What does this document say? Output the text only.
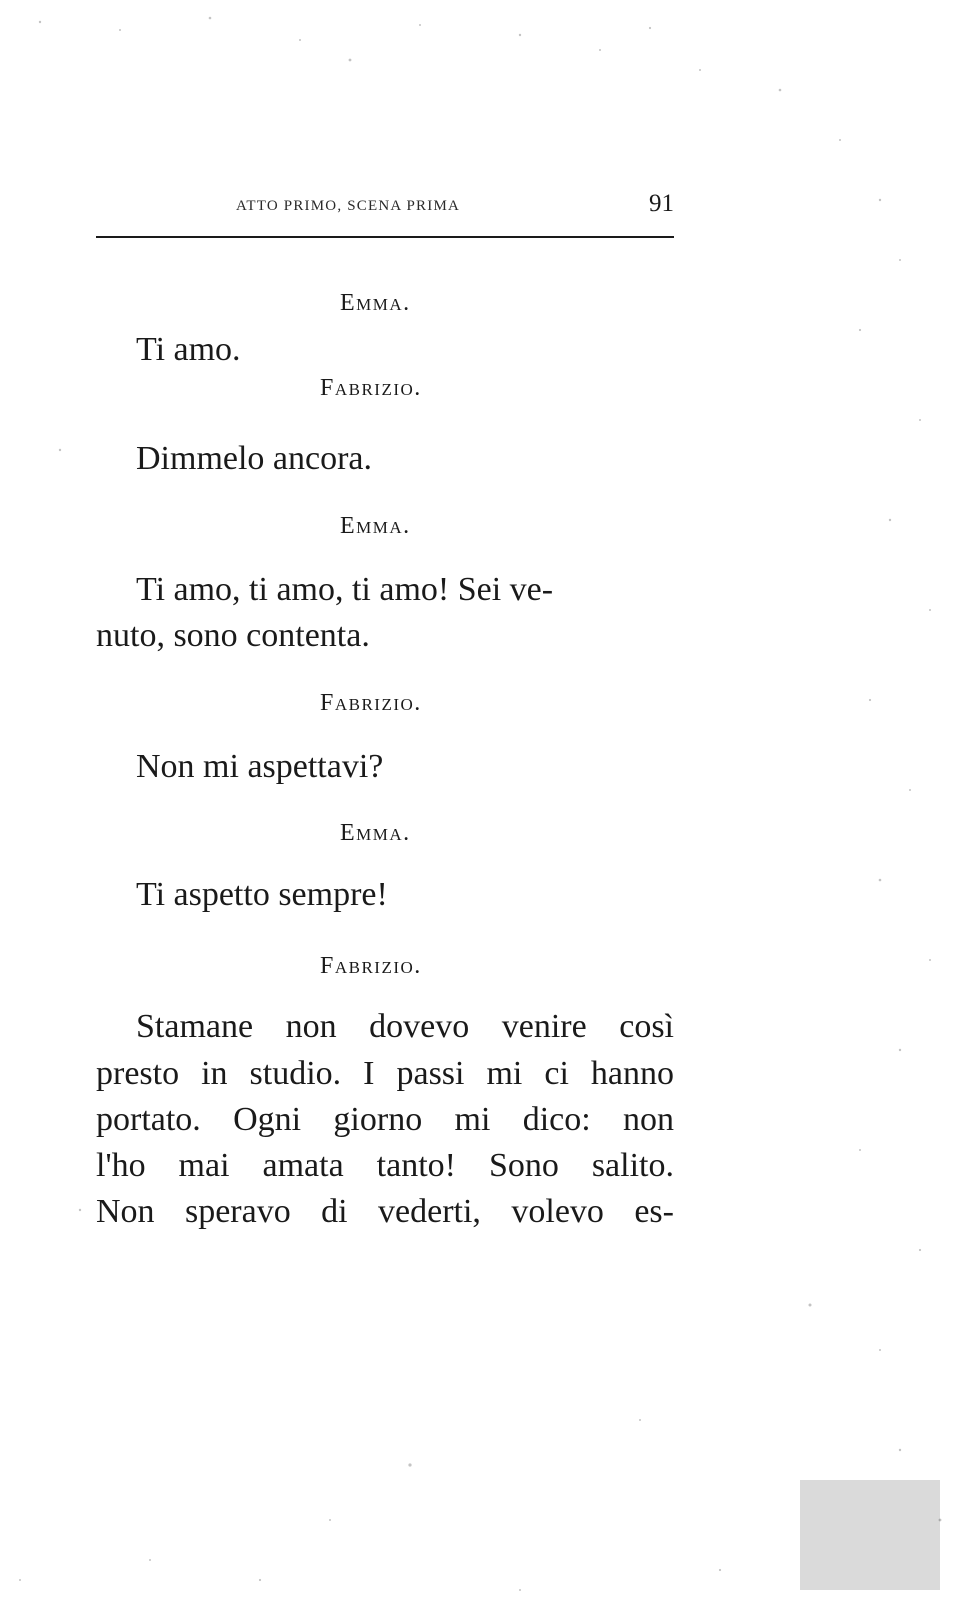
ATTO PRIMO, SCENA PRIMA	91
Emma.
Ti amo.
Fabrizio.
Dimmelo ancora.
Emma.
Ti amo, ti amo, ti amo! Sei ve-
nuto, sono contenta.
Fabrizio.
Non mi aspettavi?
Emma.
Ti aspetto sempre!
Fabrizio.
Stamane non dovevo venire così
presto in studio. I passi mi ci hanno
portato. Ogni giorno mi dico: non
l'ho mai amata tanto! Sono salito.
Non speravo di vederti, volevo es-
